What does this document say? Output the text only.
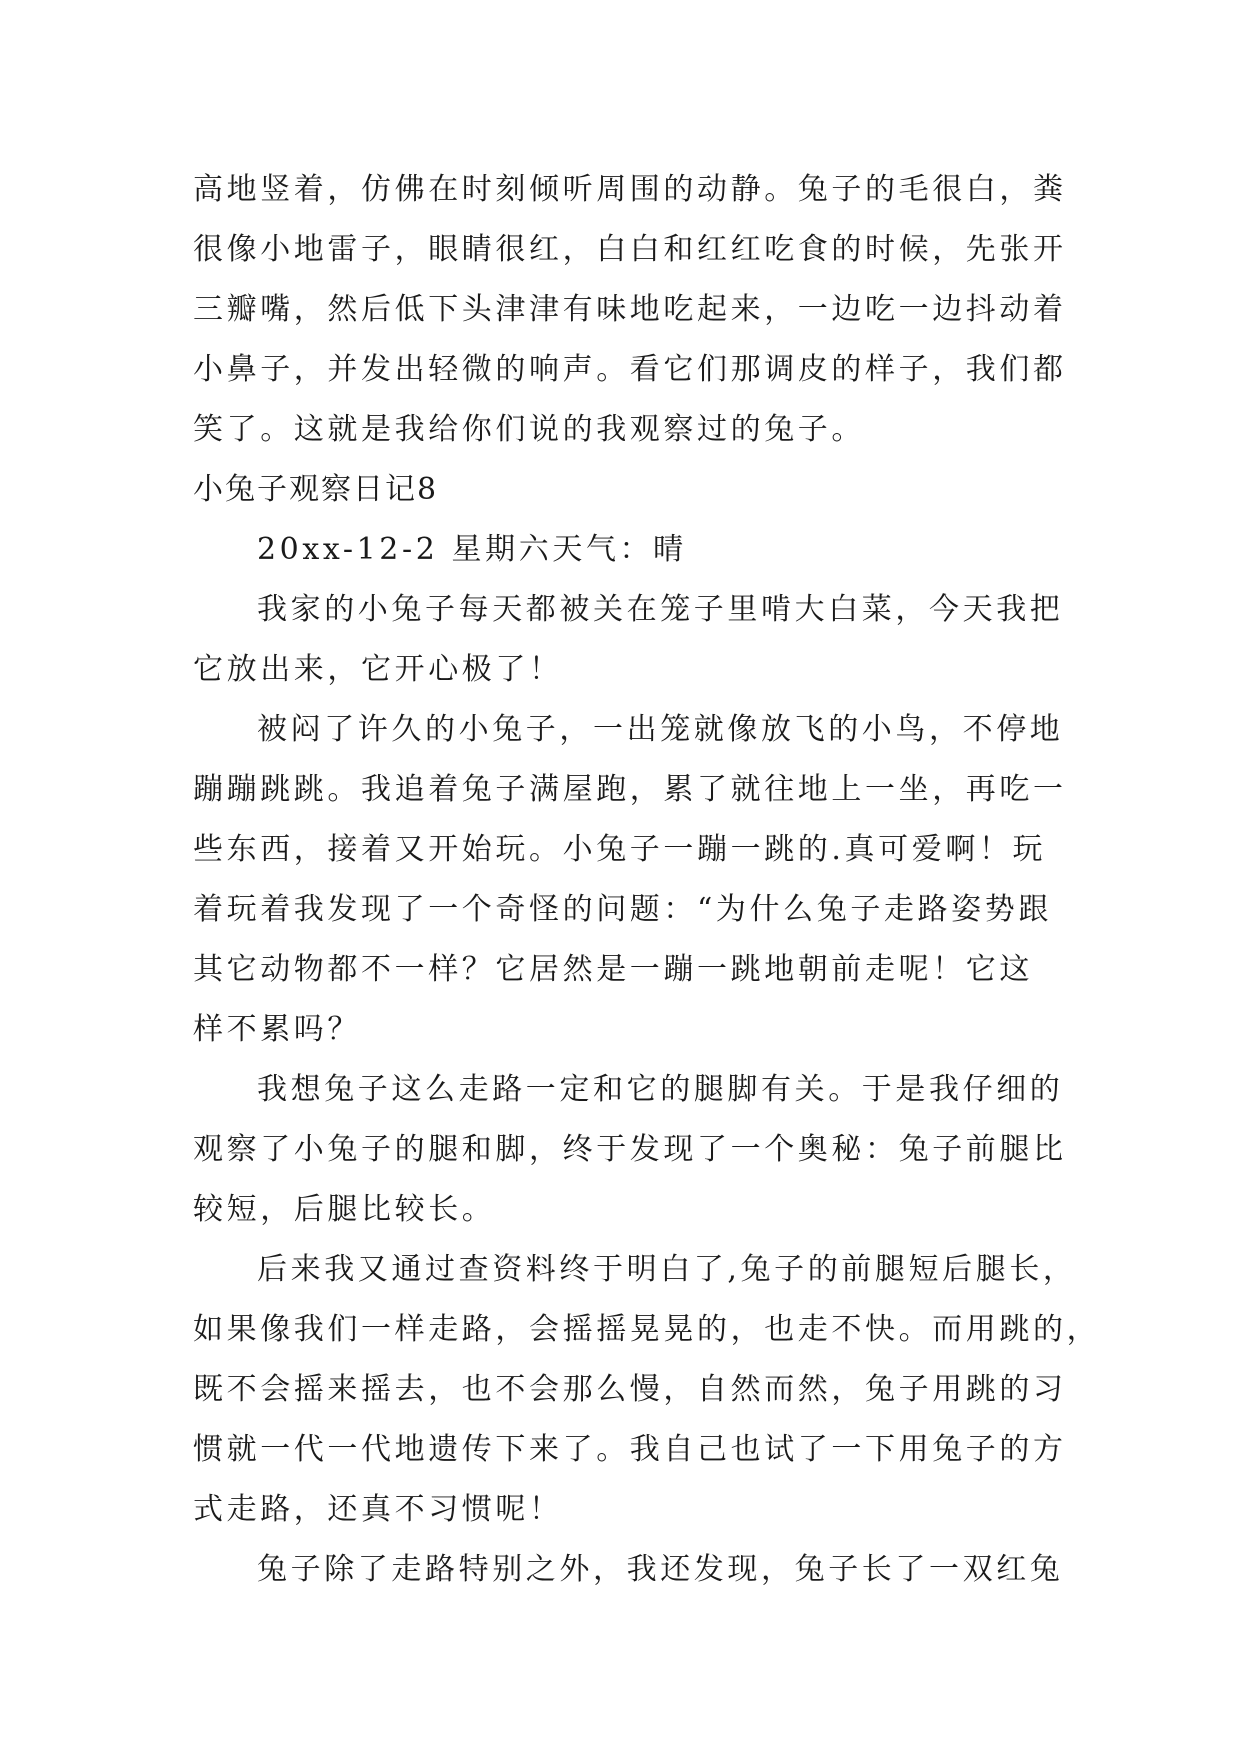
高地竖着，仿佛在时刻倾听周围的动静。兔子的毛很白，粪
很像小地雷子，眼睛很红，白白和红红吃食的时候，先张开
三瓣嘴，然后低下头津津有味地吃起来，一边吃一边抖动着
小鼻子，并发出轻微的响声。看它们那调皮的样子，我们都
笑了。这就是我给你们说的我观察过的兔子。
小兔子观察日记8
20xx-12-2 星期六天气：晴
我家的小兔子每天都被关在笼子里啃大白菜，今天我把
它放出来，它开心极了！
被闷了许久的小兔子，一出笼就像放飞的小鸟，不停地
蹦蹦跳跳。我追着兔子满屋跑，累了就往地上一坐，再吃一
些东西，接着又开始玩。小兔子一蹦一跳的.真可爱啊！玩
着玩着我发现了一个奇怪的问题：“为什么兔子走路姿势跟
其它动物都不一样？它居然是一蹦一跳地朝前走呢！它这
样不累吗？
我想兔子这么走路一定和它的腿脚有关。于是我仔细的
观察了小兔子的腿和脚，终于发现了一个奥秘：兔子前腿比
较短，后腿比较长。
后来我又通过查资料终于明白了,兔子的前腿短后腿长，
如果像我们一样走路，会摇摇晃晃的，也走不快。而用跳的，
既不会摇来摇去，也不会那么慢，自然而然，兔子用跳的习
惯就一代一代地遗传下来了。我自己也试了一下用兔子的方
式走路，还真不习惯呢！
兔子除了走路特别之外，我还发现，兔子长了一双红兔
